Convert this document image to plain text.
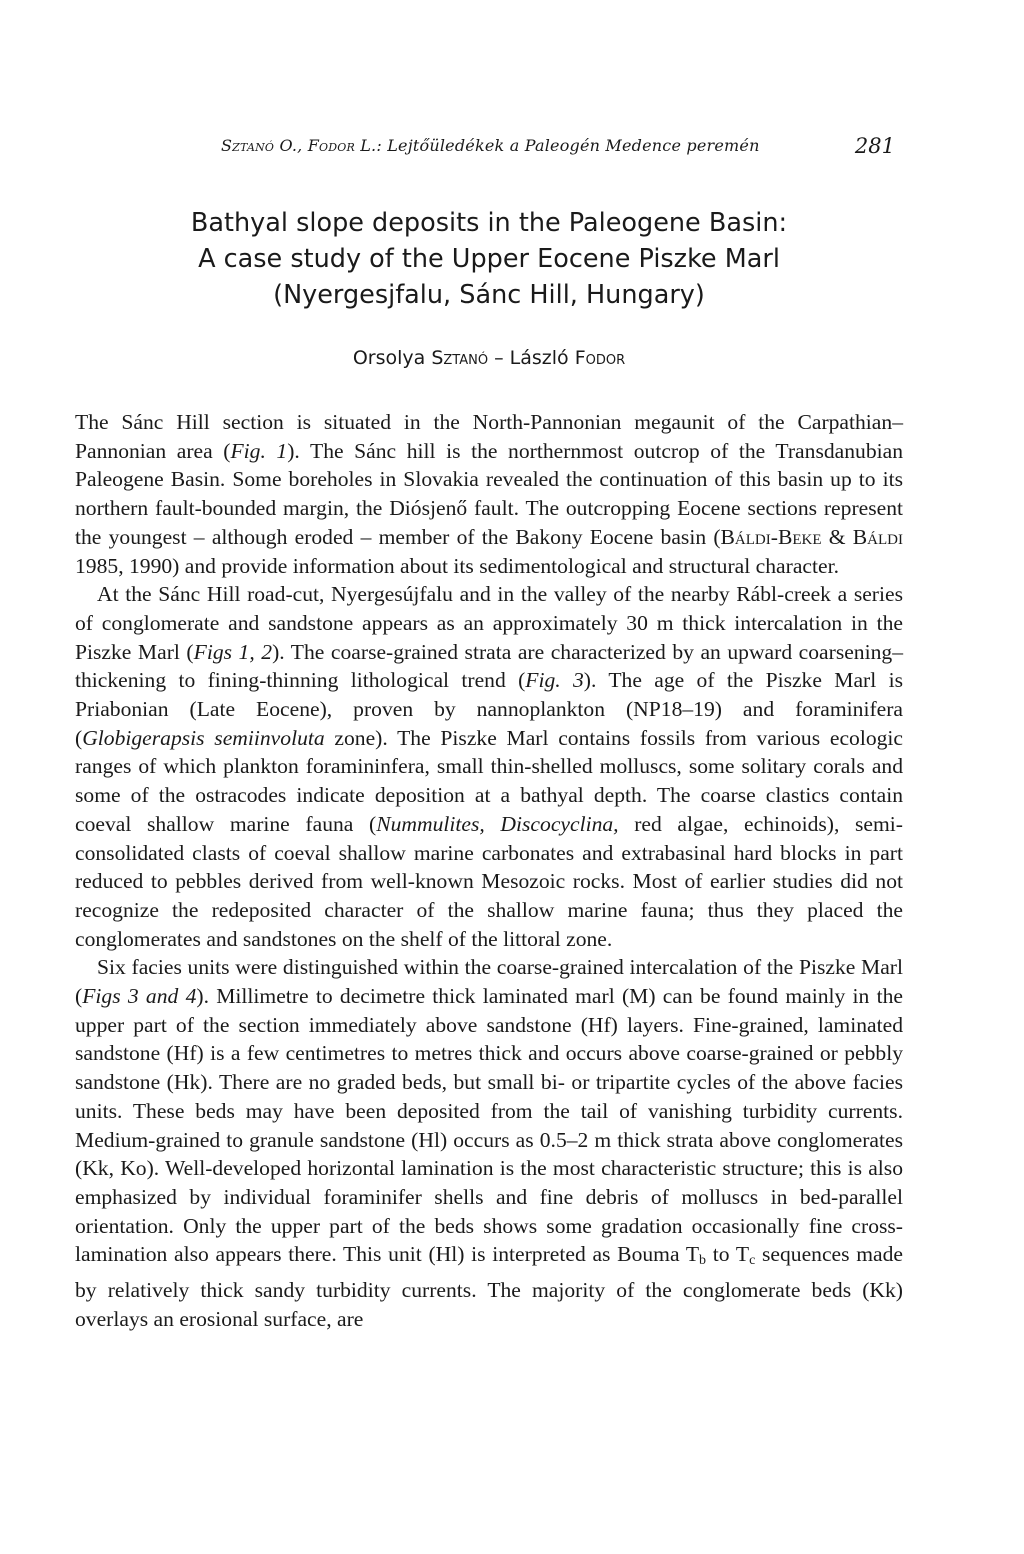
Sztanó O., Fodor L.: Lejtőüledékek a Paleogén Medence peremén	281
Bathyal slope deposits in the Paleogene Basin:
A case study of the Upper Eocene Piszke Marl
(Nyergesjfalu, Sánc Hill, Hungary)
Orsolya Sztanó – László Fodor

The Sánc Hill section is situated in the North-Pannonian megaunit of the Carpathian–Pannonian area (Fig. 1). The Sánc hill is the northernmost outcrop of the Transdanubian Paleogene Basin. Some boreholes in Slovakia revealed the continuation of this basin up to its northern fault-bounded margin, the Diósjenő fault. The outcropping Eocene sections represent the youngest – although eroded – member of the Bakony Eocene basin (Báldi-Beke & Báldi 1985, 1990) and provide information about its sedimentological and structural character.

At the Sánc Hill road-cut, Nyergesújfalu and in the valley of the nearby Rábl-creek a series of conglomerate and sandstone appears as an approximately 30 m thick intercalation in the Piszke Marl (Figs 1, 2). The coarse-grained strata are characterized by an upward coarsening–thickening to fining-thinning lithological trend (Fig. 3). The age of the Piszke Marl is Priabonian (Late Eocene), proven by nannoplankton (NP18–19) and foraminifera (Globigerapsis semiinvoluta zone). The Piszke Marl contains fossils from various ecologic ranges of which plankton foramininfera, small thin-shelled molluscs, some solitary corals and some of the ostracodes indicate deposition at a bathyal depth. The coarse clastics contain coeval shallow marine fauna (Nummulites, Discocyclina, red algae, echinoids), semi-consolidated clasts of coeval shallow marine carbonates and extrabasinal hard blocks in part reduced to pebbles derived from well-known Mesozoic rocks. Most of earlier studies did not recognize the redeposited character of the shallow marine fauna; thus they placed the conglomerates and sandstones on the shelf of the littoral zone.

Six facies units were distinguished within the coarse-grained intercalation of the Piszke Marl (Figs 3 and 4). Millimetre to decimetre thick laminated marl (M) can be found mainly in the upper part of the section immediately above sandstone (Hf) layers. Fine-grained, laminated sandstone (Hf) is a few centimetres to metres thick and occurs above coarse-grained or pebbly sandstone (Hk). There are no graded beds, but small bi- or tripartite cycles of the above facies units. These beds may have been deposited from the tail of vanishing turbidity currents. Medium-grained to granule sandstone (Hl) occurs as 0.5–2 m thick strata above conglomerates (Kk, Ko). Well-developed horizontal lamination is the most characteristic structure; this is also emphasized by individual foraminifer shells and fine debris of molluscs in bed-parallel orientation. Only the upper part of the beds shows some gradation occasionally fine cross-lamination also appears there. This unit (Hl) is interpreted as Bouma $T_b$ to $T_c$ sequences made by relatively thick sandy turbidity currents. The majority of the conglomerate beds (Kk) overlays an erosional surface, are
